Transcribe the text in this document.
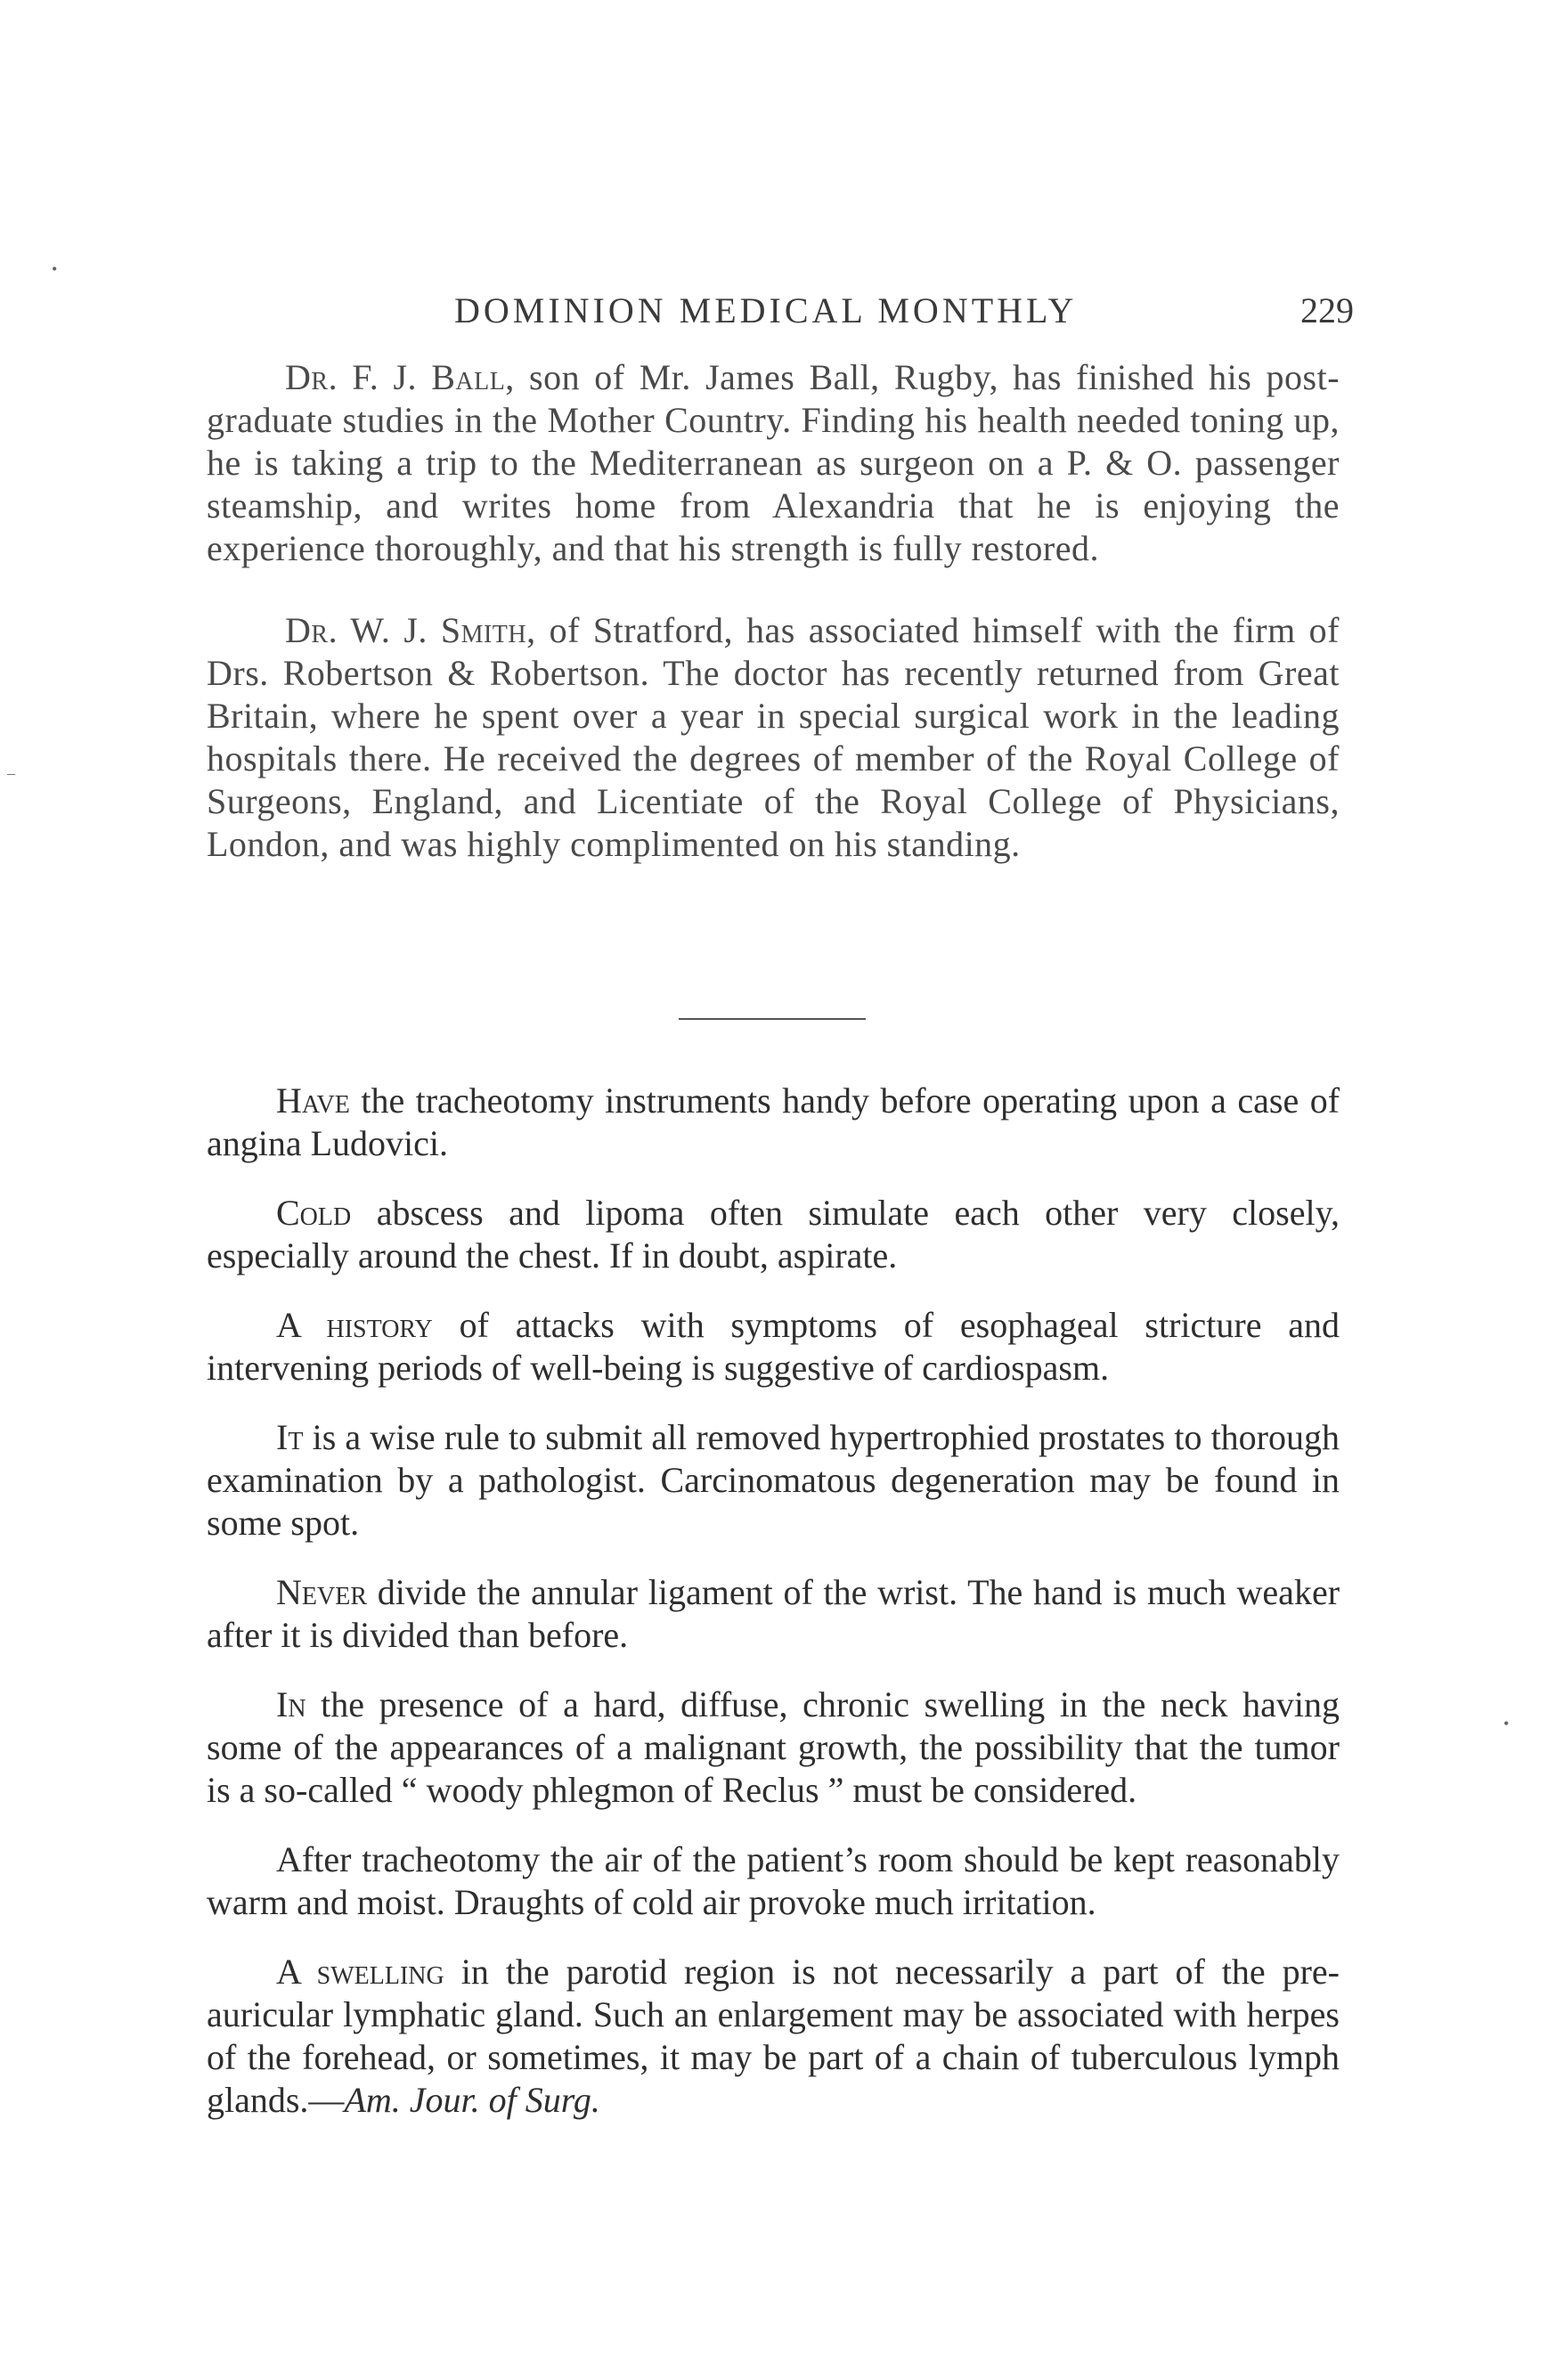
DOMINION MEDICAL MONTHLY	229

Dr. F. J. Ball, son of Mr. James Ball, Rugby, has finished his post-graduate studies in the Mother Country. Finding his health needed toning up, he is taking a trip to the Mediterranean as surgeon on a P. & O. passenger steamship, and writes home from Alexandria that he is enjoying the experience thoroughly, and that his strength is fully restored.

Dr. W. J. Smith, of Stratford, has associated himself with the firm of Drs. Robertson & Robertson. The doctor has recently returned from Great Britain, where he spent over a year in special surgical work in the leading hospitals there. He received the degrees of member of the Royal College of Surgeons, England, and Licentiate of the Royal College of Physicians, London, and was highly complimented on his standing.

Have the tracheotomy instruments handy before operating upon a case of angina Ludovici.

Cold abscess and lipoma often simulate each other very closely, especially around the chest. If in doubt, aspirate.

A history of attacks with symptoms of esophageal stricture and intervening periods of well-being is suggestive of cardiospasm.

It is a wise rule to submit all removed hypertrophied prostates to thorough examination by a pathologist. Carcinomatous degeneration may be found in some spot.

Never divide the annular ligament of the wrist. The hand is much weaker after it is divided than before.

In the presence of a hard, diffuse, chronic swelling in the neck having some of the appearances of a malignant growth, the possibility that the tumor is a so-called “ woody phlegmon of Reclus ” must be considered.

After tracheotomy the air of the patient’s room should be kept reasonably warm and moist. Draughts of cold air provoke much irritation.

A swelling in the parotid region is not necessarily a part of the pre-auricular lymphatic gland. Such an enlargement may be associated with herpes of the forehead, or sometimes, it may be part of a chain of tuberculous lymph glands.—Am. Jour. of Surg.

•
–
•
